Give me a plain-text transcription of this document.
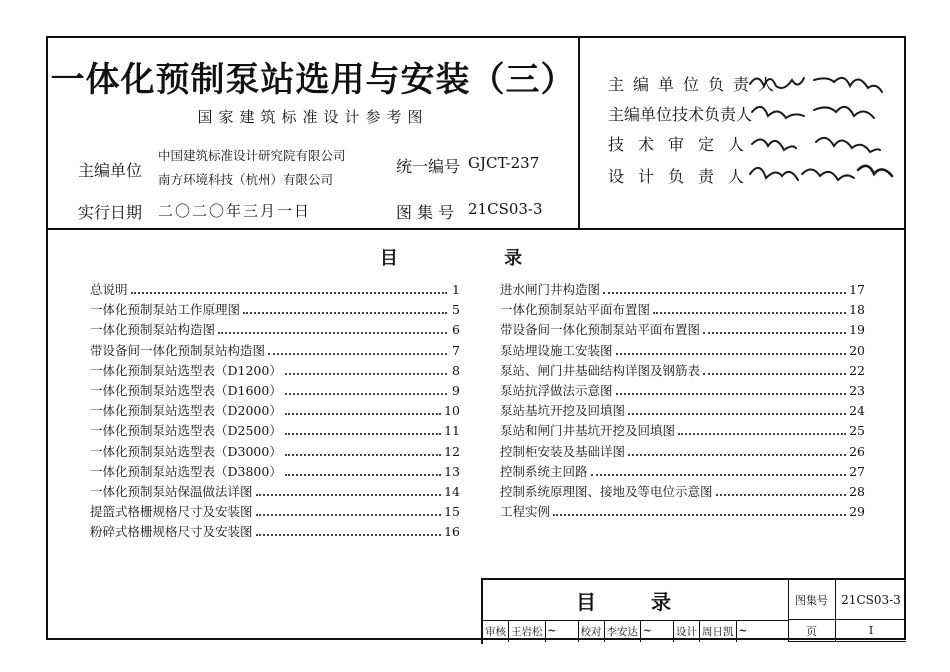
一体化预制泵站选用与安装（三）
国家建筑标准设计参考图
主编单位
中国建筑标准设计研究院有限公司
南方环境科技（杭州）有限公司
统一编号 GJCT-237
实行日期 二〇二〇年三月一日	图 集 号 21CS03-3
主编单位负责人
主编单位技术负责人
技术审定人
设计负责人
目 录
总说明	1
一体化预制泵站工作原理图	5
一体化预制泵站构造图	6
带设备间一体化预制泵站构造图	7
一体化预制泵站选型表（D1200）	8
一体化预制泵站选型表（D1600）	9
一体化预制泵站选型表（D2000）	10
一体化预制泵站选型表（D2500）	11
一体化预制泵站选型表（D3000）	12
一体化预制泵站选型表（D3800）	13
一体化预制泵站保温做法详图	14
提篮式格栅规格尺寸及安装图	15
粉碎式格栅规格尺寸及安装图	16
进水闸门井构造图	17
一体化预制泵站平面布置图	18
带设备间一体化预制泵站平面布置图	19
泵站埋设施工安装图	20
泵站、闸门井基础结构详图及钢筋表	22
泵站抗浮做法示意图	23
泵站基坑开挖及回填图	24
泵站和闸门井基坑开挖及回填图	25
控制柜安装及基础详图	26
控制系统主回路	27
控制系统原理图、接地及等电位示意图	28
工程实例	29
目 录	图集号	21CS03-3
页	I
审核 王岩松 ~	校对 李安达 ~	设计 周日凯 ~
